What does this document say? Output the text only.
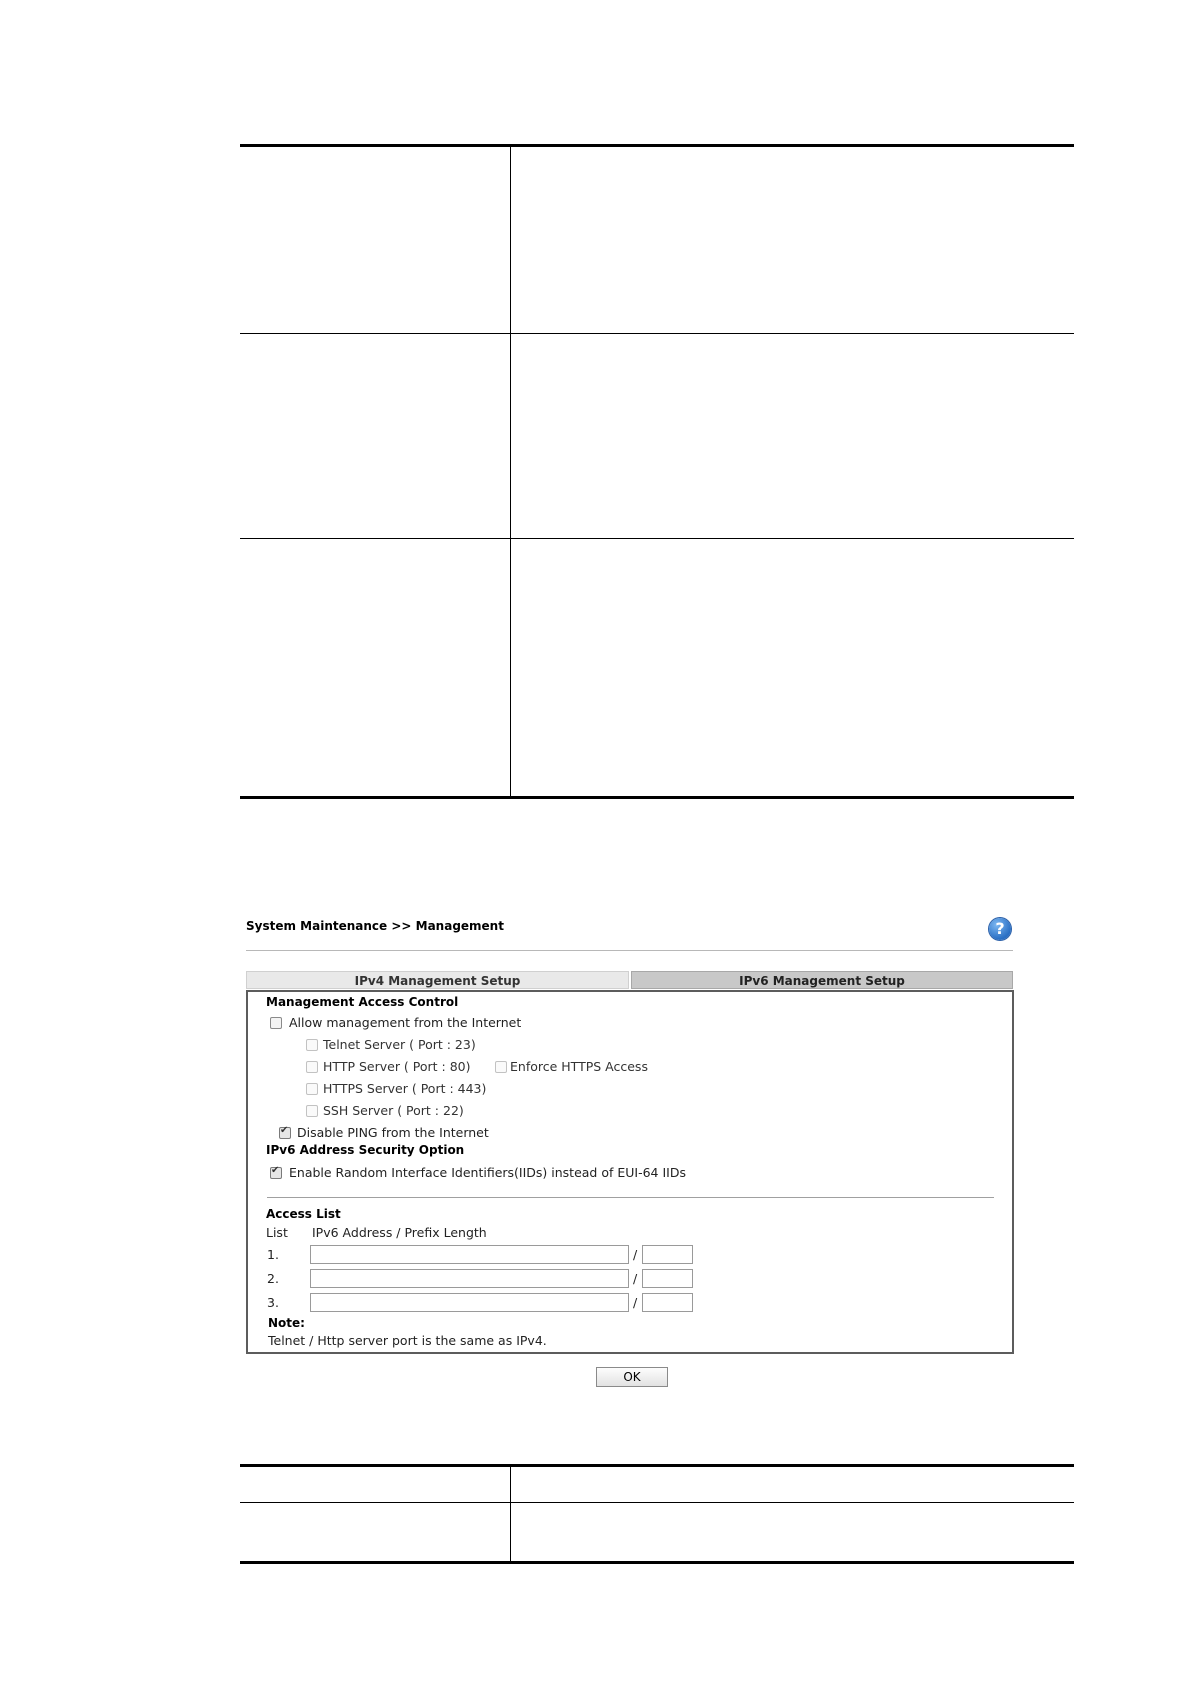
System Maintenance >> Management	?
IPv4 Management Setup	IPv6 Management Setup
Management Access Control
Allow management from the Internet
Telnet Server ( Port : 23)
HTTP Server ( Port : 80)	Enforce HTTPS Access
HTTPS Server ( Port : 443)
SSH Server ( Port : 22)
✔
Disable PING from the Internet
IPv6 Address Security Option
✔
Enable Random Interface Identifiers(IIDs) instead of EUI-64 IIDs
Access List
List IPv6 Address / Prefix Length
1.	/
2.	/
3.	/
Note:
Telnet / Http server port is the same as IPv4.
OK
